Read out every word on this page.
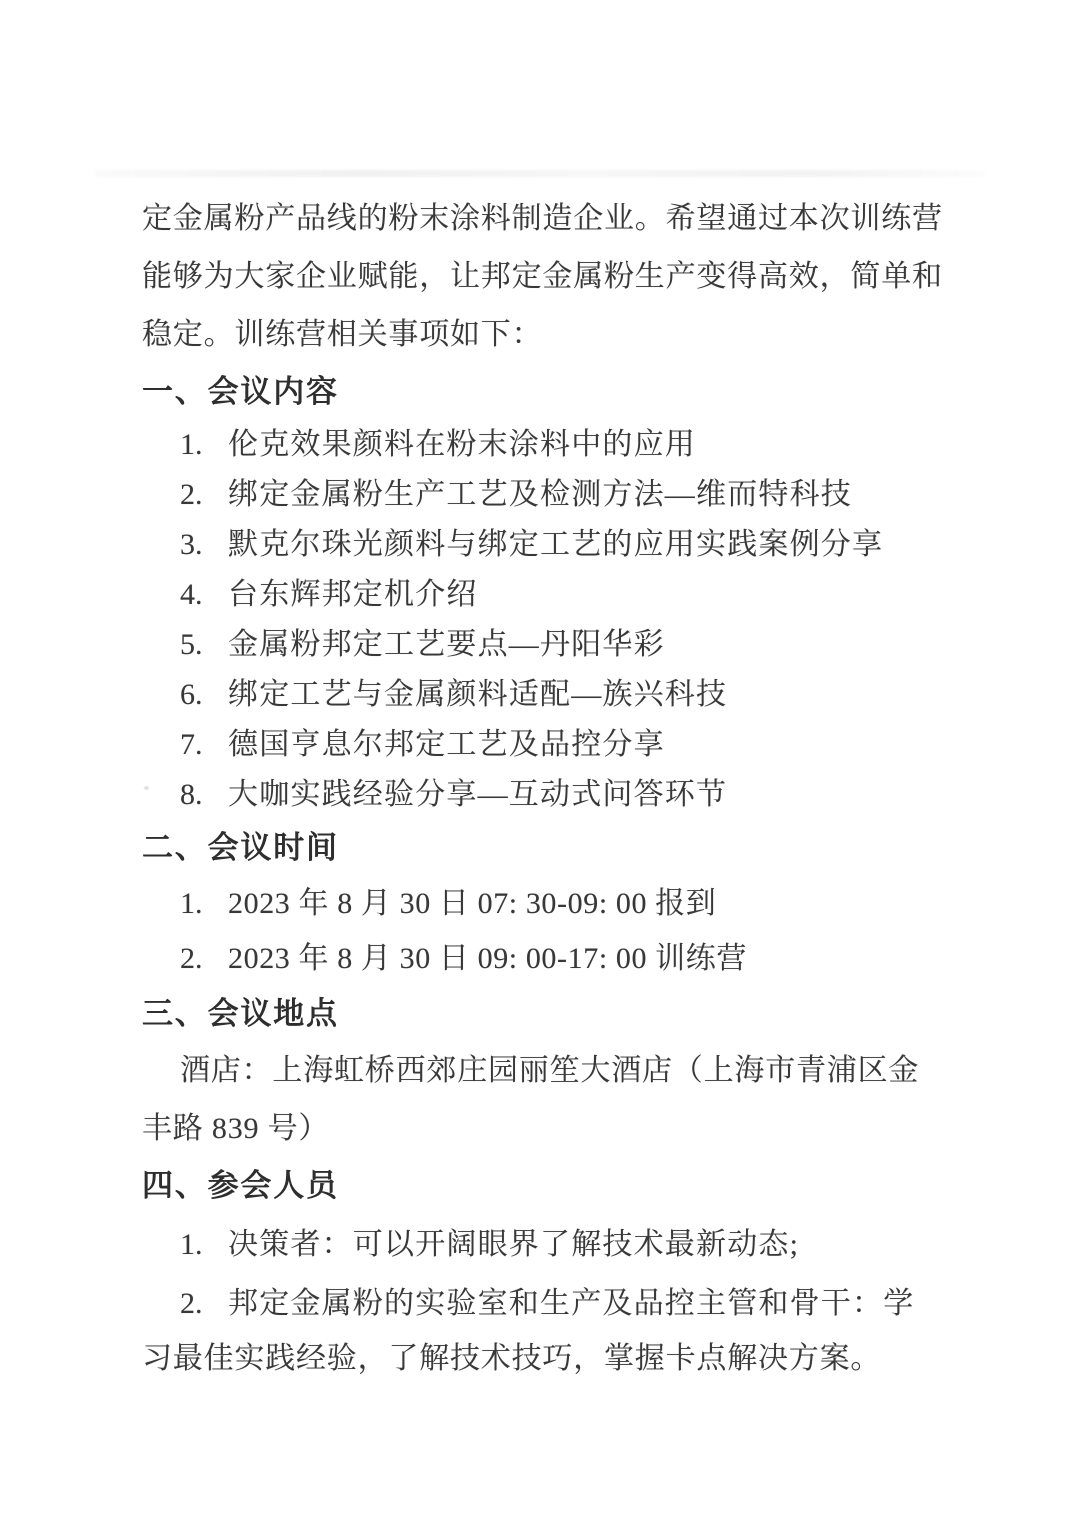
定金属粉产品线的粉末涂料制造企业。希望通过本次训练营
能够为大家企业赋能，让邦定金属粉生产变得高效，简单和
稳定。训练营相关事项如下：
一、会议内容
1. 伦克效果颜料在粉末涂料中的应用
2. 绑定金属粉生产工艺及检测方法—维而特科技
3. 默克尔珠光颜料与绑定工艺的应用实践案例分享
4. 台东辉邦定机介绍
5. 金属粉邦定工艺要点—丹阳华彩
6. 绑定工艺与金属颜料适配—族兴科技
7. 德国亨息尔邦定工艺及品控分享
8. 大咖实践经验分享—互动式问答环节
二、会议时间
1. 2023 年 8 月 30 日 07: 30-09: 00 报到
2. 2023 年 8 月 30 日 09: 00-17: 00 训练营
三、会议地点
酒店：上海虹桥西郊庄园丽笙大酒店（上海市青浦区金
丰路 839 号）
四、参会人员
1. 决策者：可以开阔眼界了解技术最新动态;
2. 邦定金属粉的实验室和生产及品控主管和骨干：学
习最佳实践经验，了解技术技巧，掌握卡点解决方案。
